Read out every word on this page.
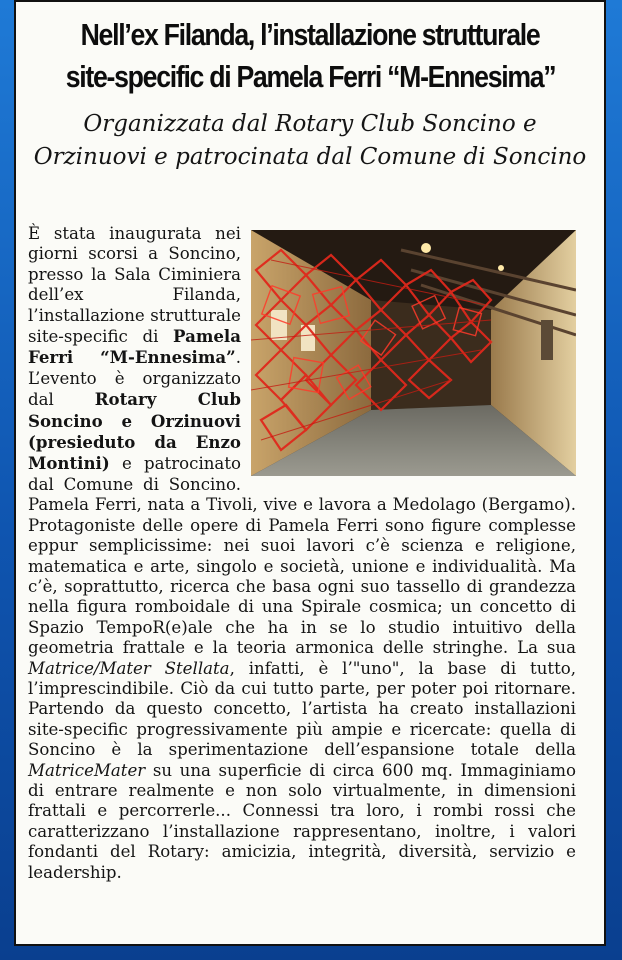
Nell’ex Filanda, l’installazione strutturale
site-specific di Pamela Ferri “M-Ennesima”
Organizzata dal Rotary Club Soncino e
Orzinuovi e patrocinata dal Comune di Soncino

È stata inaugurata nei giorni scorsi a Soncino, presso la Sala Ciminiera dell’ex Filanda, l’installazione strutturale site-specific di Pamela Ferri “M-Ennesima”. L’evento è organizzato dal Rotary Club Soncino e Orzinuovi (presieduto da Enzo Montini) e patrocinato dal Comune di Soncino. Pamela Ferri, nata a Tivoli, vive e lavora a Medolago (Bergamo). Protagoniste delle opere di Pamela Ferri sono figure complesse eppur semplicissime: nei suoi lavori c’è scienza e religione, matematica e arte, singolo e società, unione e individualità. Ma c’è, soprattutto, ricerca che basa ogni suo tassello di grandezza nella figura romboidale di una Spirale cosmica; un concetto di Spazio TempoR(e)ale che ha in se lo studio intuitivo della geometria frattale e la teoria armonica delle stringhe. La sua Matrice/Mater Stellata, infatti, è l’"uno", la base di tutto, l’imprescindibile. Ciò da cui tutto parte, per poter poi ritornare. Partendo da questo concetto, l’artista ha creato installazioni site-specific progressivamente più ampie e ricercate: quella di Soncino è la sperimentazione dell’espansione totale della MatriceMater su una superficie di circa 600 mq. Immaginiamo di entrare realmente e non solo virtualmente, in dimensioni frattali e percorrerle... Connessi tra loro, i rombi rossi che caratterizzano l’installazione rappresentano, inoltre, i valori fondanti del Rotary: amicizia, integrità, diversità, servizio e leadership.
